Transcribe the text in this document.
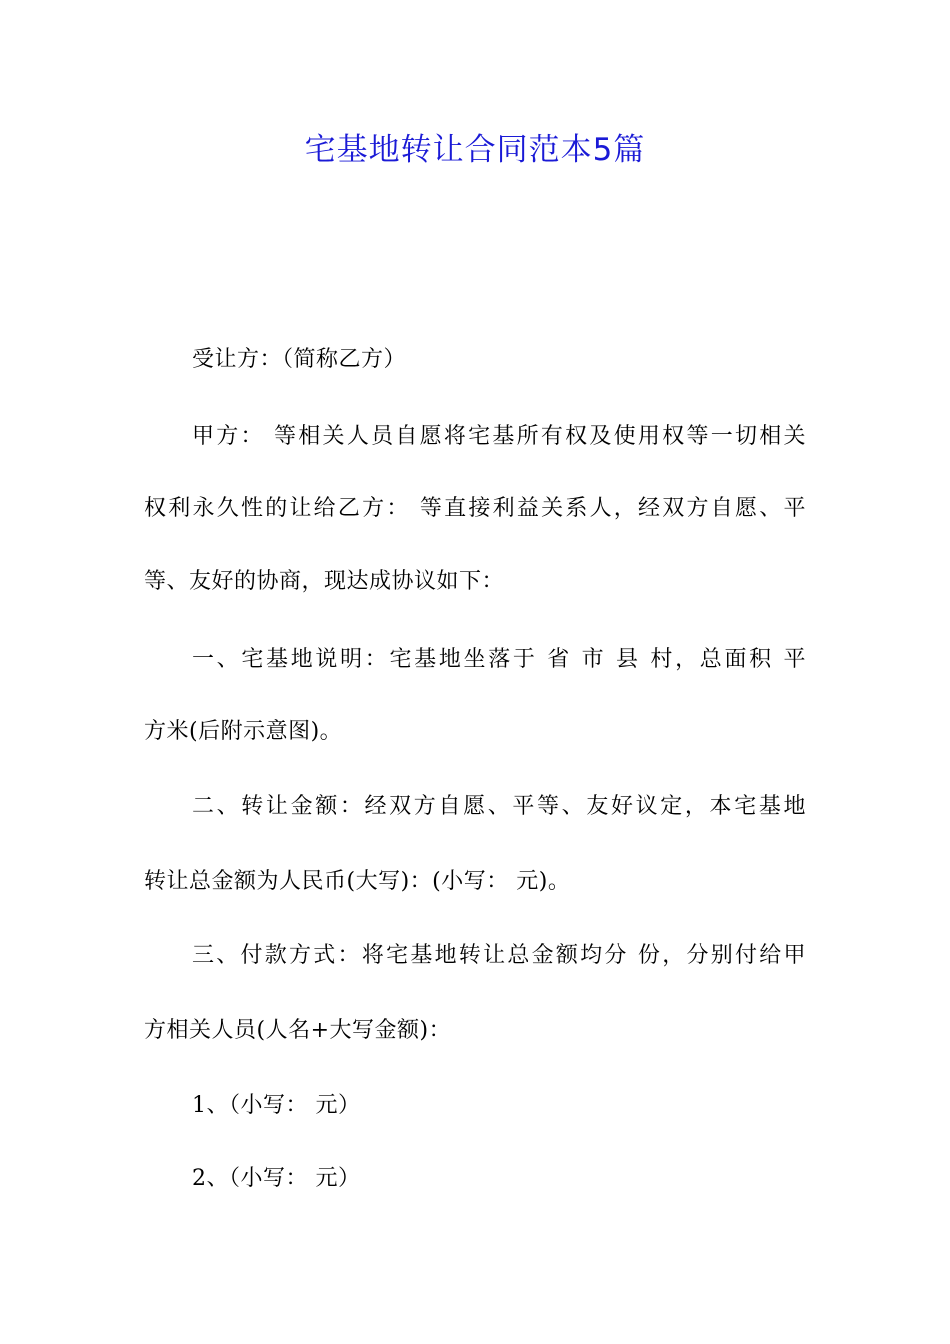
宅基地转让合同范本5篇
受让方：（简称乙方）
甲方： 等相关人员自愿将宅基所有权及使用权等一切相关
权利永久性的让给乙方： 等直接利益关系人，经双方自愿、平
等、友好的协商，现达成协议如下：
一、宅基地说明：宅基地坐落于 省 市 县 村，总面积 平
方米(后附示意图)。
二、转让金额：经双方自愿、平等、友好议定，本宅基地
转让总金额为人民币(大写)：(小写： 元)。
三、付款方式：将宅基地转让总金额均分 份，分别付给甲
方相关人员(人名+大写金额)：
1、（小写： 元）
2、（小写： 元）
